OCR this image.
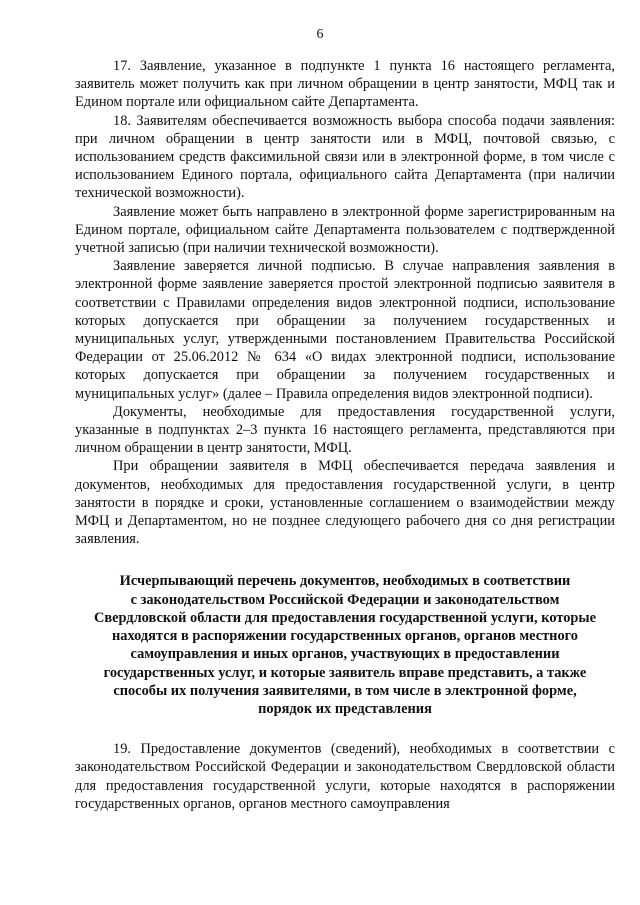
6

17. Заявление, указанное в подпункте 1 пункта 16 настоящего регламента, заявитель может получить как при личном обращении в центр занятости, МФЦ так и Едином портале или официальном сайте Департамента.

18. Заявителям обеспечивается возможность выбора способа подачи заявления: при личном обращении в центр занятости или в МФЦ, почтовой связью, с использованием средств факсимильной связи или в электронной форме, в том числе с использованием Единого портала, официального сайта Департамента (при наличии технической возможности).

Заявление может быть направлено в электронной форме зарегистрированным на Едином портале, официальном сайте Департамента пользователем с подтвержденной учетной записью (при наличии технической возможности).

Заявление заверяется личной подписью. В случае направления заявления в электронной форме заявление заверяется простой электронной подписью заявителя в соответствии с Правилами определения видов электронной подписи, использование которых допускается при обращении за получением государственных и муниципальных услуг, утвержденными постановлением Правительства Российской Федерации от 25.06.2012 № 634 «О видах электронной подписи, использование которых допускается при обращении за получением государственных и муниципальных услуг» (далее – Правила определения видов электронной подписи).

Документы, необходимые для предоставления государственной услуги, указанные в подпунктах 2–3 пункта 16 настоящего регламента, представляются при личном обращении в центр занятости, МФЦ.

При обращении заявителя в МФЦ обеспечивается передача заявления и документов, необходимых для предоставления государственной услуги, в центр занятости в порядке и сроки, установленные соглашением о взаимодействии между МФЦ и Департаментом, но не позднее следующего рабочего дня со дня регистрации заявления.

Исчерпывающий перечень документов, необходимых в соответствии
с законодательством Российской Федерации и законодательством
Свердловской области для предоставления государственной услуги, которые
находятся в распоряжении государственных органов, органов местного
самоуправления и иных органов, участвующих в предоставлении
государственных услуг, и которые заявитель вправе представить, а также
способы их получения заявителями, в том числе в электронной форме,
порядок их представления

19. Предоставление документов (сведений), необходимых в соответствии с законодательством Российской Федерации и законодательством Свердловской области для предоставления государственной услуги, которые находятся в распоряжении государственных органов, органов местного самоуправления
